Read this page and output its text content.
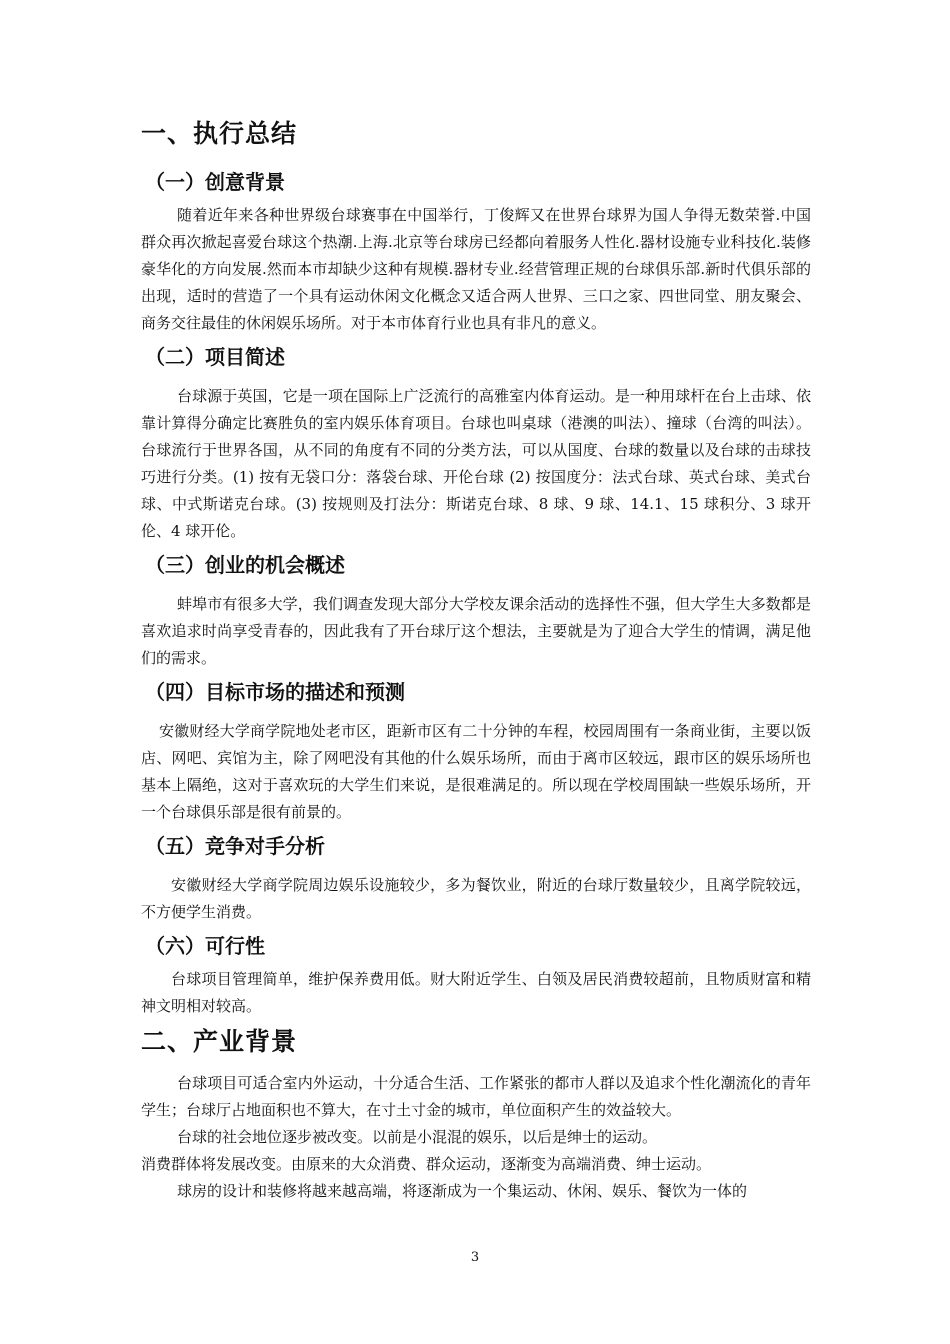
一、执行总结
（一）创意背景

随着近年来各种世界级台球赛事在中国举行，丁俊辉又在世界台球界为国人争得无数荣誉.中国群众再次掀起喜爱台球这个热潮.上海.北京等台球房已经都向着服务人性化.器材设施专业科技化.装修豪华化的方向发展.然而本市却缺少这种有规模.器材专业.经营管理正规的台球俱乐部.新时代俱乐部的出现，适时的营造了一个具有运动休闲文化概念又适合两人世界、三口之家、四世同堂、朋友聚会、商务交往最佳的休闲娱乐场所。对于本市体育行业也具有非凡的意义。

（二）项目简述

台球源于英国，它是一项在国际上广泛流行的高雅室内体育运动。是一种用球杆在台上击球、依靠计算得分确定比赛胜负的室内娱乐体育项目。台球也叫桌球（港澳的叫法）、撞球（台湾的叫法）。台球流行于世界各国，从不同的角度有不同的分类方法，可以从国度、台球的数量以及台球的击球技巧进行分类。(1) 按有无袋口分：落袋台球、开伦台球 (2) 按国度分：法式台球、英式台球、美式台球、中式斯诺克台球。(3) 按规则及打法分：斯诺克台球、8 球、9 球、14.1、15 球积分、3 球开伦、4 球开伦。

（三）创业的机会概述

蚌埠市有很多大学，我们调查发现大部分大学校友课余活动的选择性不强，但大学生大多数都是喜欢追求时尚享受青春的，因此我有了开台球厅这个想法，主要就是为了迎合大学生的情调，满足他们的需求。

（四）目标市场的描述和预测

安徽财经大学商学院地处老市区，距新市区有二十分钟的车程，校园周围有一条商业街，主要以饭店、网吧、宾馆为主，除了网吧没有其他的什么娱乐场所，而由于离市区较远，跟市区的娱乐场所也基本上隔绝，这对于喜欢玩的大学生们来说，是很难满足的。所以现在学校周围缺一些娱乐场所，开一个台球俱乐部是很有前景的。

（五）竞争对手分析

安徽财经大学商学院周边娱乐设施较少，多为餐饮业，附近的台球厅数量较少，且离学院较远，不方便学生消费。

（六）可行性

台球项目管理简单，维护保养费用低。财大附近学生、白领及居民消费较超前，且物质财富和精神文明相对较高。

二、产业背景

台球项目可适合室内外运动，十分适合生活、工作紧张的都市人群以及追求个性化潮流化的青年学生；台球厅占地面积也不算大，在寸土寸金的城市，单位面积产生的效益较大。

台球的社会地位逐步被改变。以前是小混混的娱乐，以后是绅士的运动。

消费群体将发展改变。由原来的大众消费、群众运动，逐渐变为高端消费、绅士运动。

球房的设计和装修将越来越高端，将逐渐成为一个集运动、休闲、娱乐、餐饮为一体的

3
